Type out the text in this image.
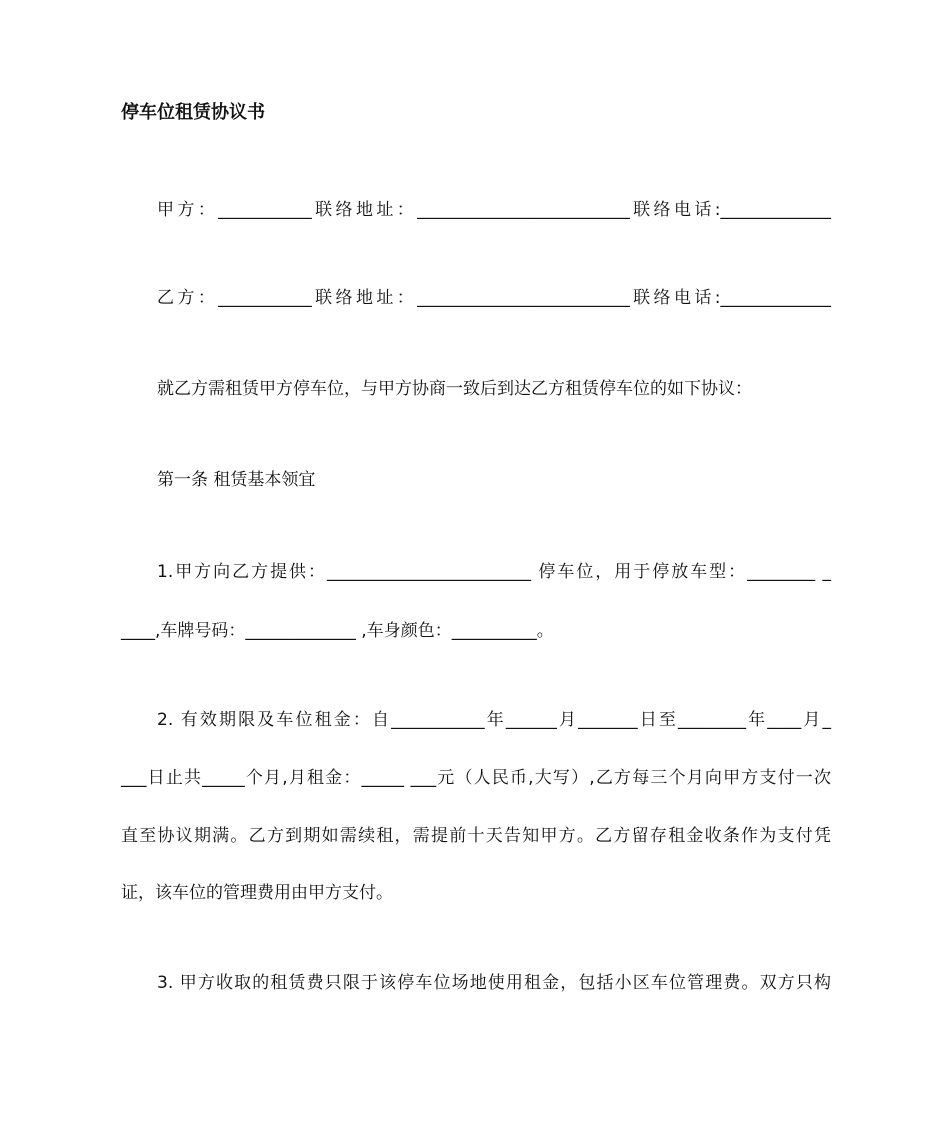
停车位租赁协议书
甲方：___________联络地址：_________________________联络电话:_____________
乙方：___________联络地址：_________________________联络电话:_____________
就乙方需租赁甲方停车位，与甲方协商一致后到达乙方租赁停车位的如下协议：
第一条 租赁基本领宜
1.甲方向乙方提供：________________________ 停车位，用于停放车型：________ _
____,车牌号码：_____________ ,车身颜色：__________。
2. 有效期限及车位租金：自___________年______月_______日至________年____月_
___日止共_____个月,月租金：_____ ___元（人民币,大写）,乙方每三个月向甲方支付一次
直至协议期满。乙方到期如需续租，需提前十天告知甲方。乙方留存租金收条作为支付凭
证，该车位的管理费用由甲方支付。
3. 甲方收取的租赁费只限于该停车位场地使用租金，包括小区车位管理费。双方只构
